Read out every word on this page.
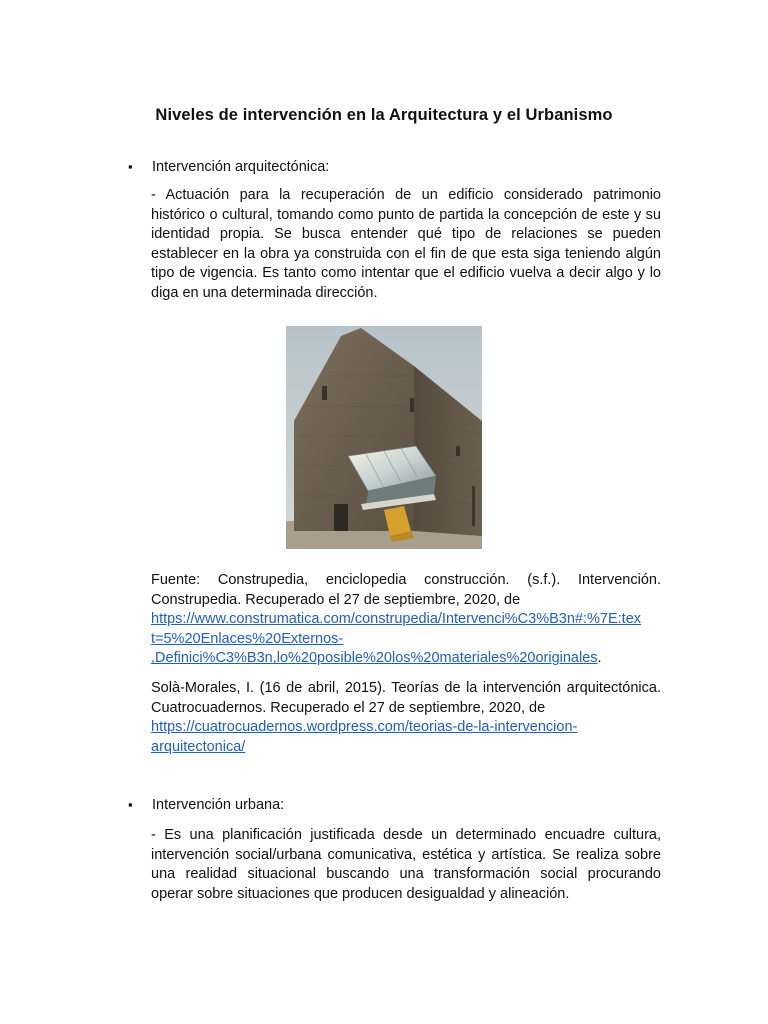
Niveles de intervención en la Arquitectura y el Urbanismo
▪ Intervención arquitectónica:

- Actuación para la recuperación de un edificio considerado patrimonio histórico o cultural, tomando como punto de partida la concepción de este y su identidad propia. Se busca entender qué tipo de relaciones se pueden establecer en la obra ya construida con el fin de que esta siga teniendo algún tipo de vigencia. Es tanto como intentar que el edificio vuelva a decir algo y lo diga en una determinada dirección.

Fuente: Construpedia, enciclopedia construcción. (s.f.). Intervención. Construpedia. Recuperado el 27 de septiembre, 2020, de
https://www.construmatica.com/construpedia/Intervenci%C3%B3n#:%7E:tex
t=5%20Enlaces%20Externos-
,Definici%C3%B3n,lo%20posible%20los%20materiales%20originales.

Solà-Morales, I. (16 de abril, 2015). Teorías de la intervención arquitectónica. Cuatrocuadernos. Recuperado el 27 de septiembre, 2020, de
https://cuatrocuadernos.wordpress.com/teorias-de-la-intervencion-
arquitectonica/

▪ Intervención urbana:

- Es una planificación justificada desde un determinado encuadre cultura, intervención social/urbana comunicativa, estética y artística. Se realiza sobre una realidad situacional buscando una transformación social procurando operar sobre situaciones que producen desigualdad y alineación.
